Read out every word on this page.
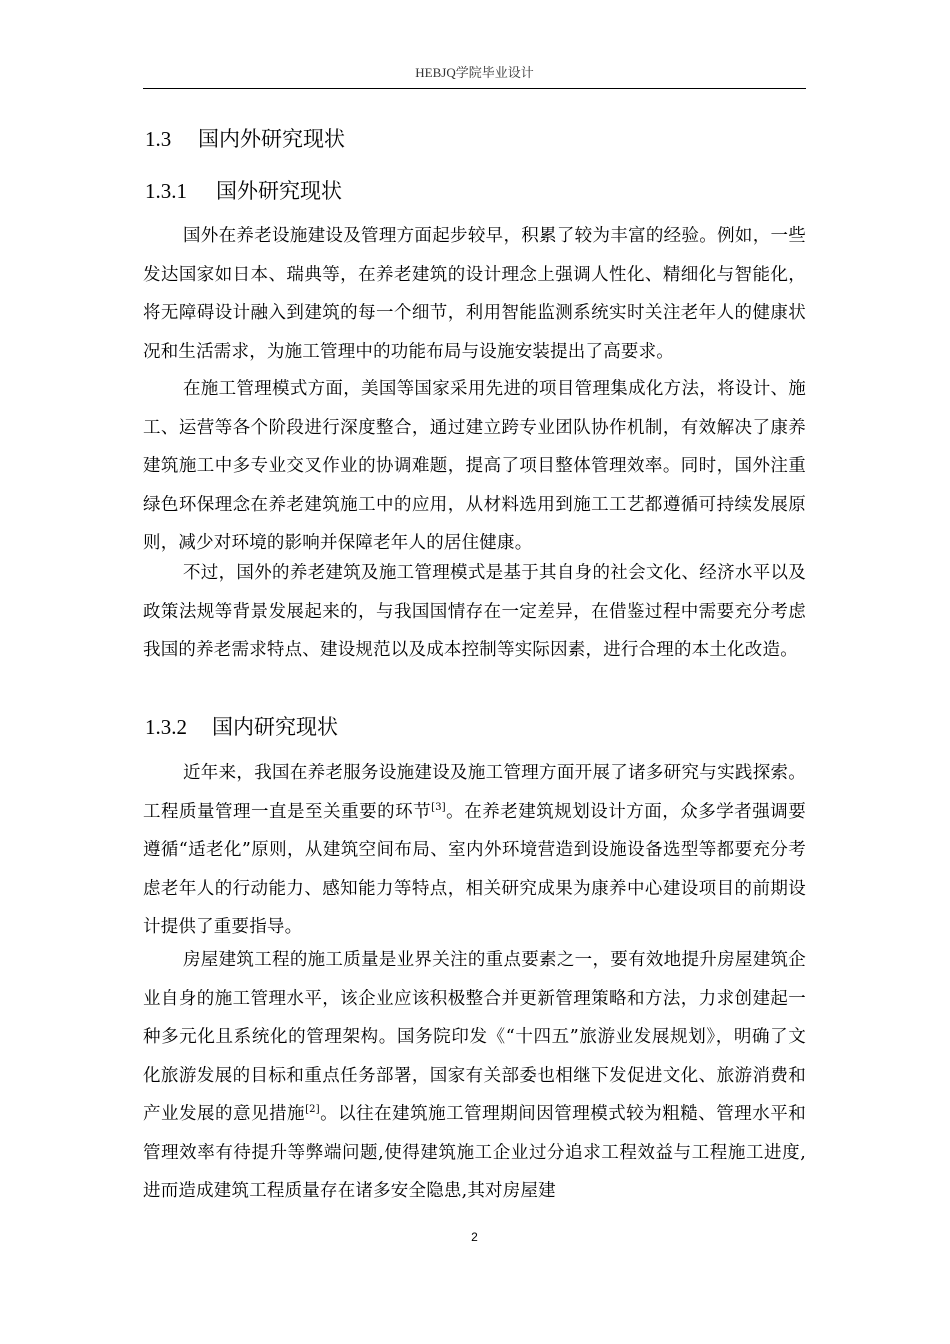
HEBJQ学院毕业设计
1.3 国内外研究现状
1.3.1 国外研究现状

国外在养老设施建设及管理方面起步较早，积累了较为丰富的经验。例如，一些发达国家如日本、瑞典等，在养老建筑的设计理念上强调人性化、精细化与智能化，将无障碍设计融入到建筑的每一个细节，利用智能监测系统实时关注老年人的健康状况和生活需求，为施工管理中的功能布局与设施安装提出了高要求。

在施工管理模式方面，美国等国家采用先进的项目管理集成化方法，将设计、施工、运营等各个阶段进行深度整合，通过建立跨专业团队协作机制，有效解决了康养建筑施工中多专业交叉作业的协调难题，提高了项目整体管理效率。同时，国外注重绿色环保理念在养老建筑施工中的应用，从材料选用到施工工艺都遵循可持续发展原则，减少对环境的影响并保障老年人的居住健康。

不过，国外的养老建筑及施工管理模式是基于其自身的社会文化、经济水平以及政策法规等背景发展起来的，与我国国情存在一定差异，在借鉴过程中需要充分考虑我国的养老需求特点、建设规范以及成本控制等实际因素，进行合理的本土化改造。

1.3.2 国内研究现状

近年来，我国在养老服务设施建设及施工管理方面开展了诸多研究与实践探索。工程质量管理一直是至关重要的环节[3]。在养老建筑规划设计方面，众多学者强调要遵循“适老化”原则，从建筑空间布局、室内外环境营造到设施设备选型等都要充分考虑老年人的行动能力、感知能力等特点，相关研究成果为康养中心建设项目的前期设计提供了重要指导。

房屋建筑工程的施工质量是业界关注的重点要素之一，要有效地提升房屋建筑企业自身的施工管理水平，该企业应该积极整合并更新管理策略和方法，力求创建起一种多元化且系统化的管理架构。国务院印发《“十四五”旅游业发展规划》，明确了文化旅游发展的目标和重点任务部署，国家有关部委也相继下发促进文化、旅游消费和产业发展的意见措施[2]。以往在建筑施工管理期间因管理模式较为粗糙、管理水平和管理效率有待提升等弊端问题,使得建筑施工企业过分追求工程效益与工程施工进度,进而造成建筑工程质量存在诸多安全隐患,其对房屋建

2
